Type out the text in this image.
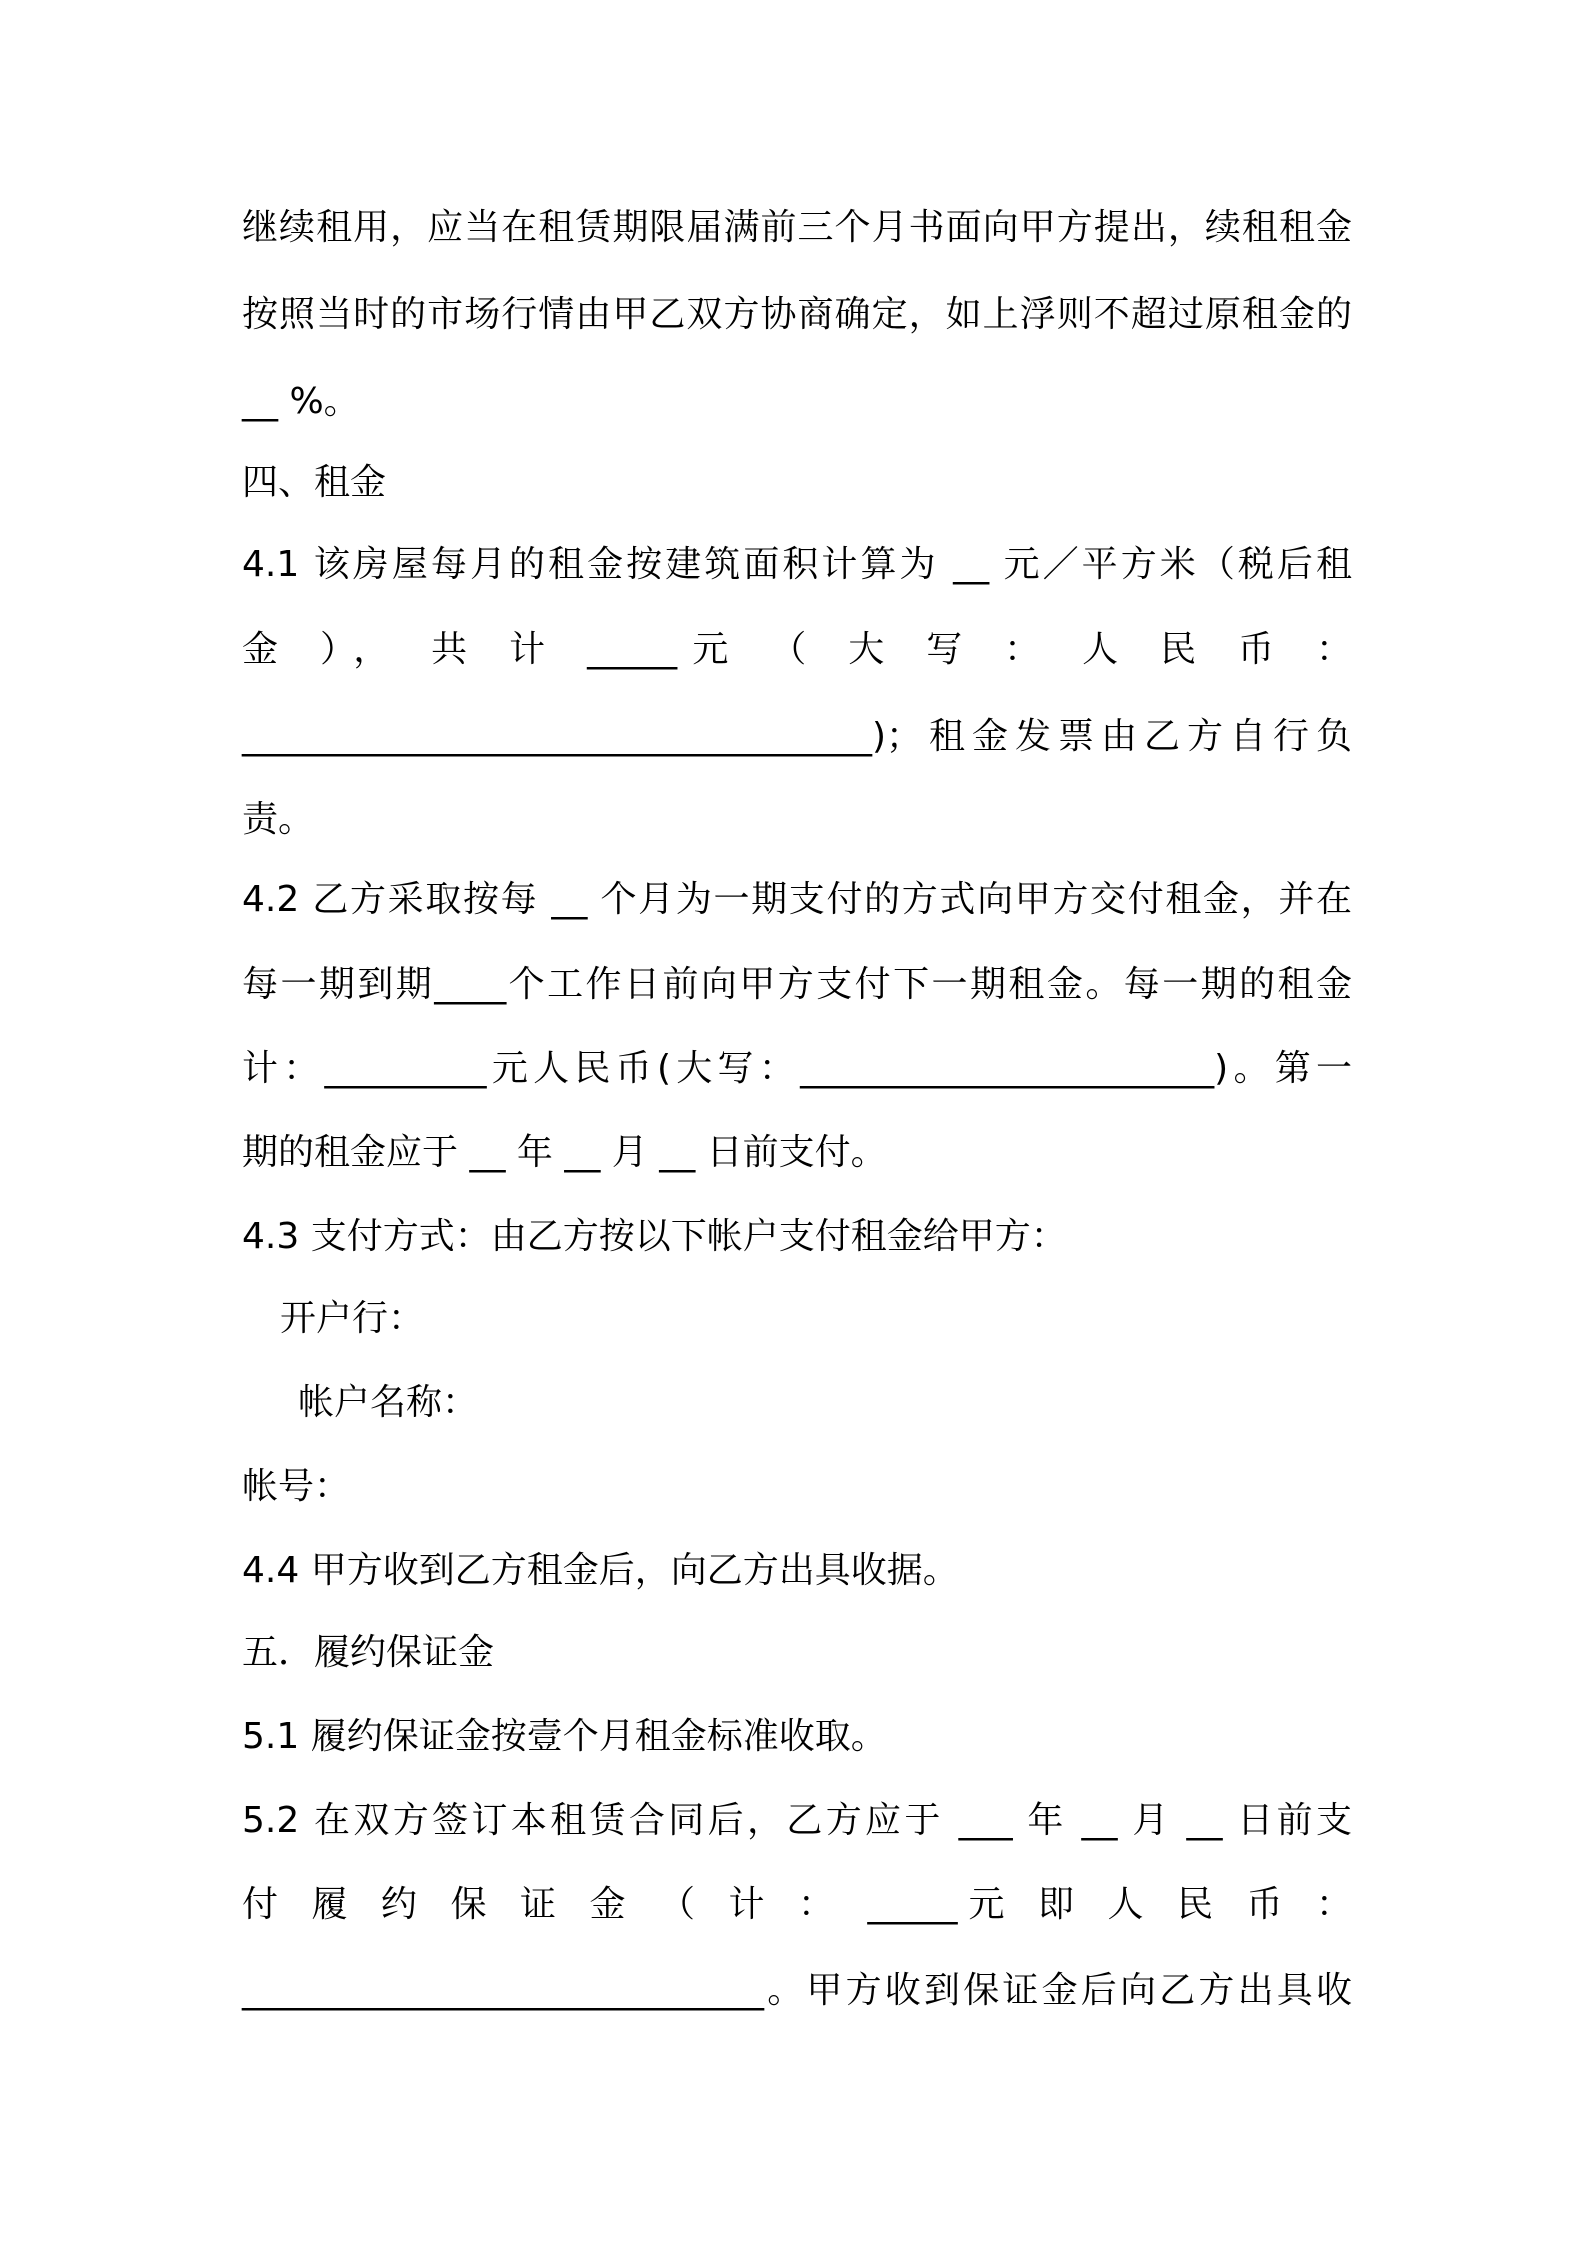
继续租用，应当在租赁期限届满前三个月书面向甲方提出，续租租金
按照当时的市场行情由甲乙双方协商确定，如上浮则不超过原租金的
__ %。
四、租金
4.1 该房屋每月的租金按建筑面积计算为 __ 元／平方米（税后租
金 ）， 共 计 _____元 （ 大 写 ： 人 民 币 ：
___________________________________)；租金发票由乙方自行负
责。
4.2 乙方采取按每 __ 个月为一期支付的方式向甲方交付租金，并在
每一期到期____个工作日前向甲方支付下一期租金。每一期的租金
计：_________元人民币(大写：_______________________)。第一
期的租金应于 __ 年 __ 月 __ 日前支付。
4.3 支付方式：由乙方按以下帐户支付租金给甲方：
开户行：
帐户名称：
帐号：
4.4 甲方收到乙方租金后，向乙方出具收据。
五．履约保证金
5.1 履约保证金按壹个月租金标准收取。
5.2 在双方签订本租赁合同后，乙方应于 ___ 年 __ 月 __ 日前支
付 履 约 保 证 金 （ 计 ： _____元 即 人 民 币 ：
_____________________________。甲方收到保证金后向乙方出具收
